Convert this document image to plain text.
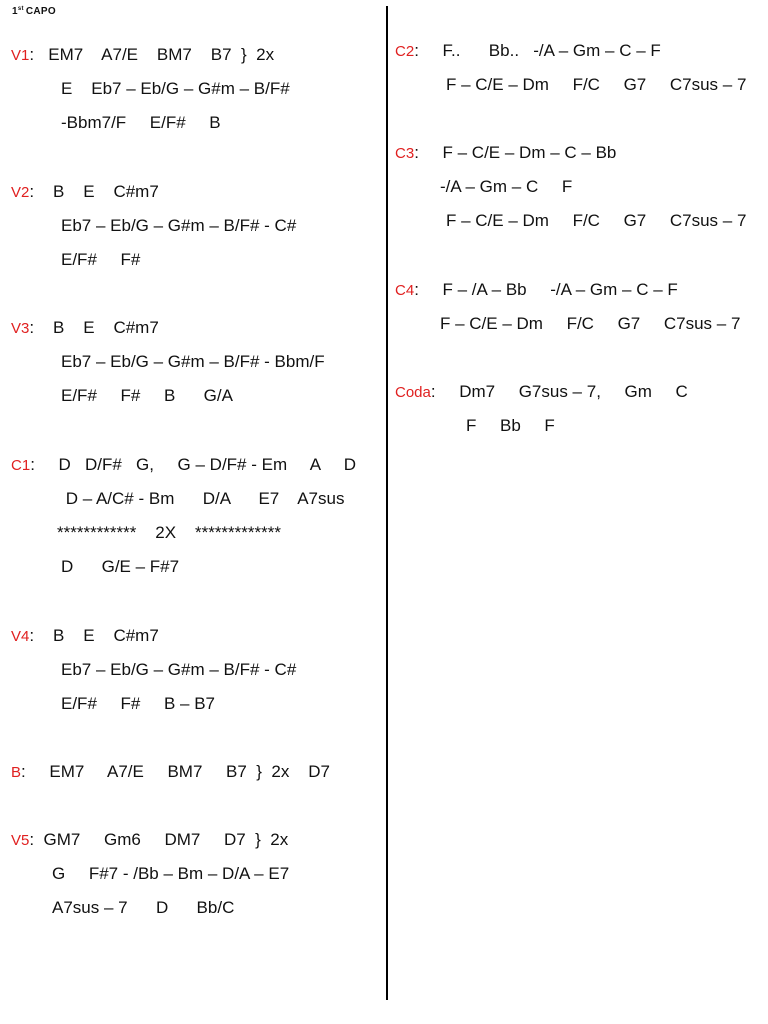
1st CAPO
V1:   EM7    A7/E    BM7    B7  }  2x
E    Eb7 – Eb/G – G#m – B/F#
-Bbm7/F     E/F#     B
V2:    B    E    C#m7
Eb7 – Eb/G – G#m – B/F# - C#
E/F#     F#
V3:    B    E    C#m7
Eb7 – Eb/G – G#m – B/F# - Bbm/F
E/F#     F#     B      G/A
C1:     D   D/F#   G,     G – D/F# - Em     A     D
D – A/C# - Bm      D/A      E7    A7sus
************    2X    *************
D      G/E – F#7
V4:    B    E    C#m7
Eb7 – Eb/G – G#m – B/F# - C#
E/F#     F#     B – B7
B:     EM7     A7/E     BM7     B7  }  2x    D7
V5:  GM7     Gm6     DM7     D7  }  2x
G     F#7 - /Bb – Bm – D/A – E7
A7sus – 7      D      Bb/C
C2:     F..      Bb..   -/A – Gm – C – F
F – C/E – Dm     F/C     G7     C7sus – 7
C3:     F – C/E – Dm – C – Bb
-/A – Gm – C     F
F – C/E – Dm     F/C     G7     C7sus – 7
C4:     F – /A – Bb     -/A – Gm – C – F
F – C/E – Dm     F/C     G7     C7sus – 7
Coda:     Dm7     G7sus – 7,     Gm     C
F     Bb     F
